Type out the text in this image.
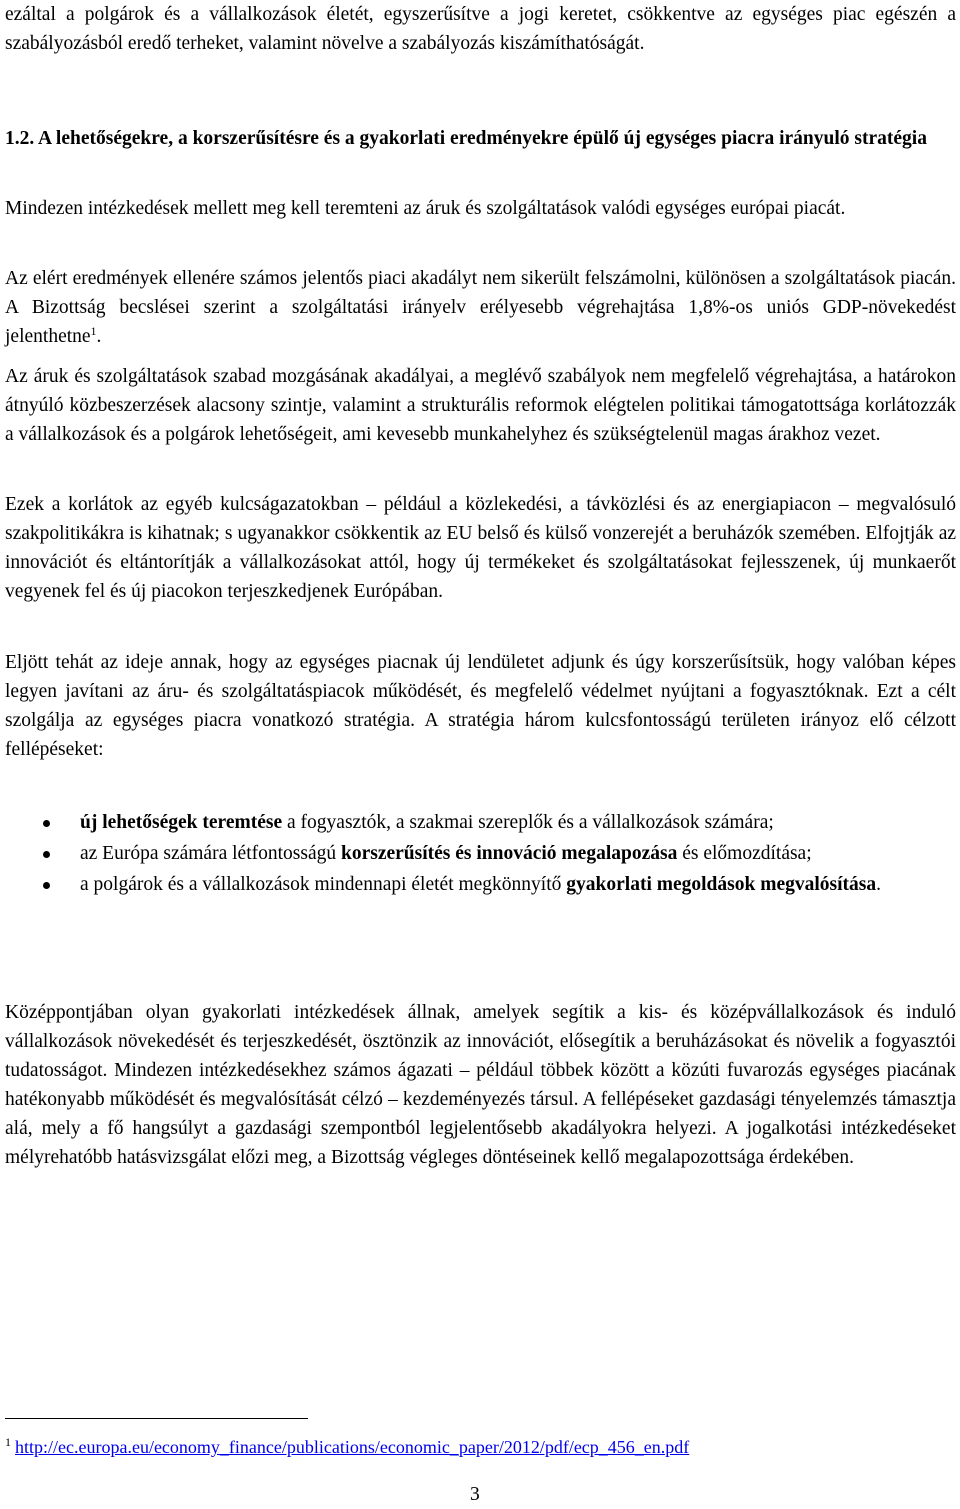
ezáltal a polgárok és a vállalkozások életét, egyszerűsítve a jogi keretet, csökkentve az egységes piac egészén a szabályozásból eredő terheket, valamint növelve a szabályozás kiszámíthatóságát.

1.2. A lehetőségekre, a korszerűsítésre és a gyakorlati eredményekre épülő új egységes piacra irányuló stratégia

Mindezen intézkedések mellett meg kell teremteni az áruk és szolgáltatások valódi egységes európai piacát.

Az elért eredmények ellenére számos jelentős piaci akadályt nem sikerült felszámolni, különösen a szolgáltatások piacán. A Bizottság becslései szerint a szolgáltatási irányelv erélyesebb végrehajtása 1,8%-os uniós GDP-növekedést jelenthetne$^1$.

Az áruk és szolgáltatások szabad mozgásának akadályai, a meglévő szabályok nem megfelelő végrehajtása, a határokon átnyúló közbeszerzések alacsony szintje, valamint a strukturális reformok elégtelen politikai támogatottsága korlátozzák a vállalkozások és a polgárok lehetőségeit, ami kevesebb munkahelyhez és szükségtelenül magas árakhoz vezet.

Ezek a korlátok az egyéb kulcságazatokban – például a közlekedési, a távközlési és az energiapiacon – megvalósuló szakpolitikákra is kihatnak; s ugyanakkor csökkentik az EU belső és külső vonzerejét a beruházók szemében. Elfojtják az innovációt és eltántorítják a vállalkozásokat attól, hogy új termékeket és szolgáltatásokat fejlesszenek, új munkaerőt vegyenek fel és új piacokon terjeszkedjenek Európában.

Eljött tehát az ideje annak, hogy az egységes piacnak új lendületet adjunk és úgy korszerűsítsük, hogy valóban képes legyen javítani az áru- és szolgáltatáspiacok működését, és megfelelő védelmet nyújtani a fogyasztóknak. Ezt a célt szolgálja az egységes piacra vonatkozó stratégia. A stratégia három kulcsfontosságú területen irányoz elő célzott fellépéseket:

új lehetőségek teremtése a fogyasztók, a szakmai szereplők és a vállalkozások számára;
az Európa számára létfontosságú korszerűsítés és innováció megalapozása és előmozdítása;
a polgárok és a vállalkozások mindennapi életét megkönnyítő gyakorlati megoldások megvalósítása.

Középpontjában olyan gyakorlati intézkedések állnak, amelyek segítik a kis- és középvállalkozások és induló vállalkozások növekedését és terjeszkedését, ösztönzik az innovációt, elősegítik a beruházásokat és növelik a fogyasztói tudatosságot. Mindezen intézkedésekhez számos ágazati – például többek között a közúti fuvarozás egységes piacának hatékonyabb működését és megvalósítását célzó – kezdeményezés társul. A fellépéseket gazdasági tényelemzés támasztja alá, mely a fő hangsúlyt a gazdasági szempontból legjelentősebb akadályokra helyezi. A jogalkotási intézkedéseket mélyrehatóbb hatásvizsgálat előzi meg, a Bizottság végleges döntéseinek kellő megalapozottsága érdekében.

$^1$ http://ec.europa.eu/economy_finance/publications/economic_paper/2012/pdf/ecp_456_en.pdf
3
